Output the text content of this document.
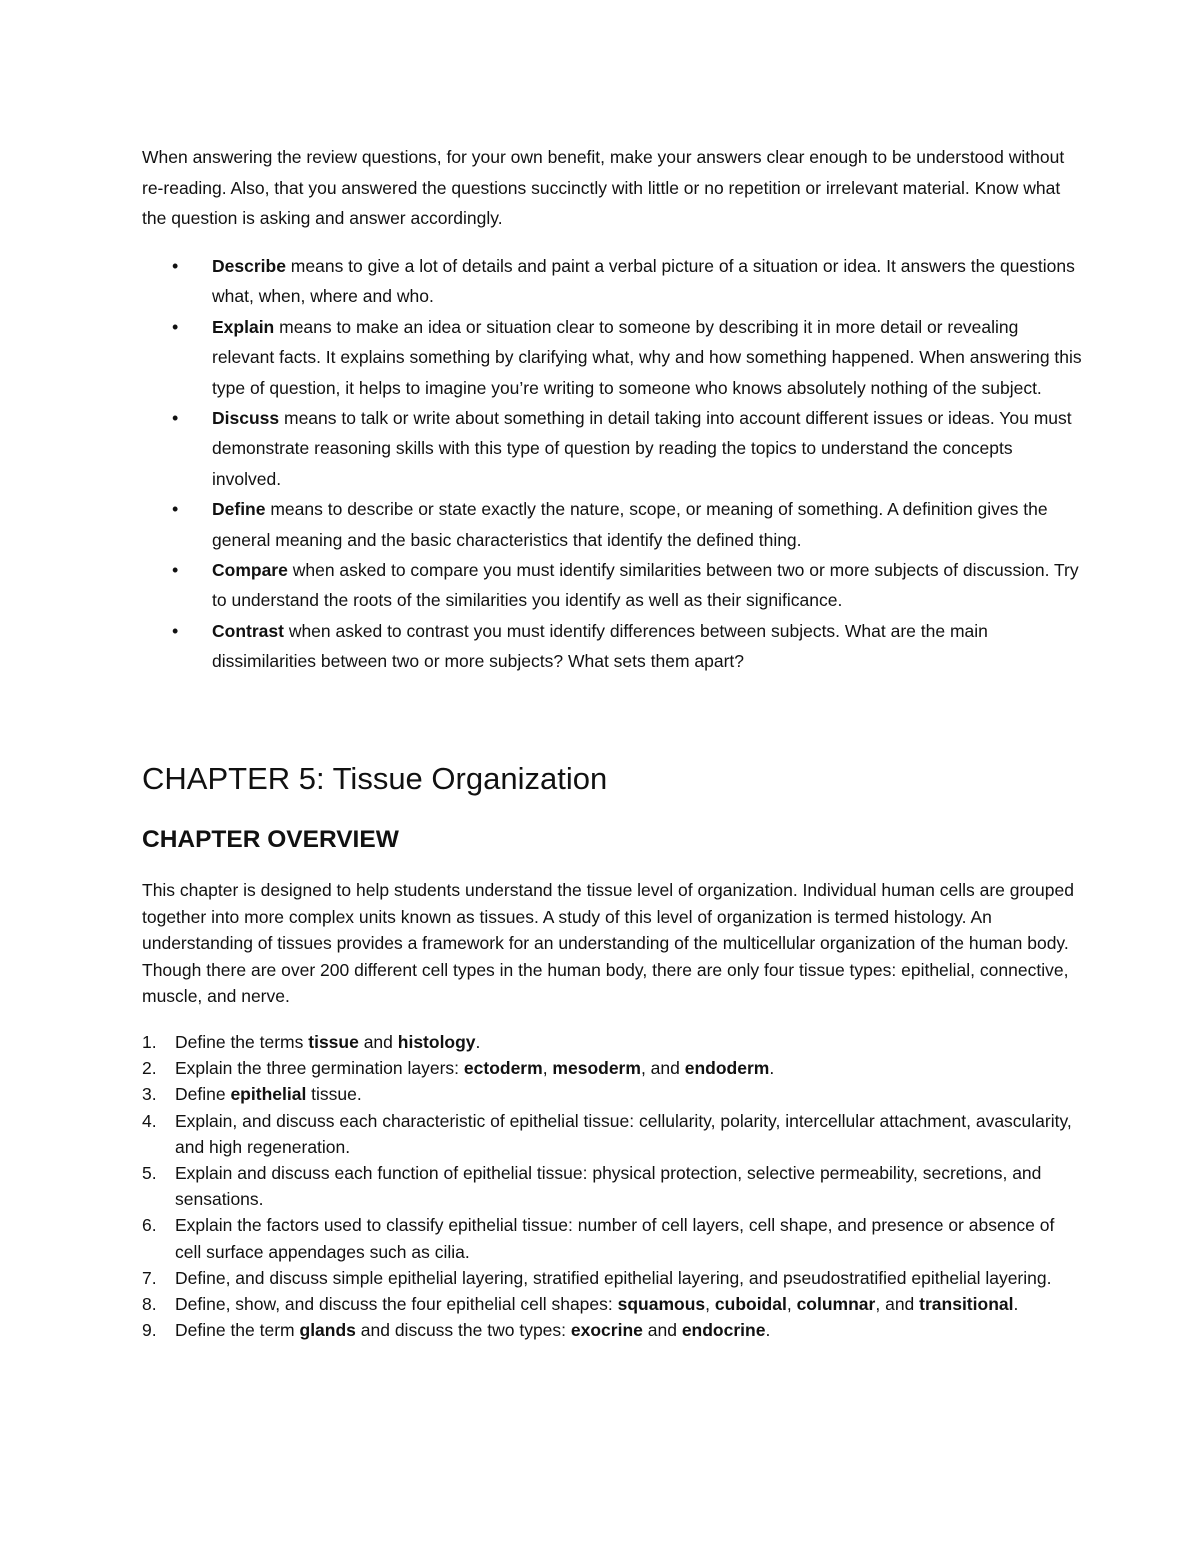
When answering the review questions, for your own benefit, make your answers clear enough to be understood without re-reading. Also, that you answered the questions succinctly with little or no repetition or irrelevant material. Know what the question is asking and answer accordingly.

• Describe means to give a lot of details and paint a verbal picture of a situation or idea. It answers the questions what, when, where and who.
• Explain means to make an idea or situation clear to someone by describing it in more detail or revealing relevant facts. It explains something by clarifying what, why and how something happened. When answering this type of question, it helps to imagine you’re writing to someone who knows absolutely nothing of the subject.
• Discuss means to talk or write about something in detail taking into account different issues or ideas. You must demonstrate reasoning skills with this type of question by reading the topics to understand the concepts involved.
• Define means to describe or state exactly the nature, scope, or meaning of something. A definition gives the general meaning and the basic characteristics that identify the defined thing.
• Compare when asked to compare you must identify similarities between two or more subjects of discussion. Try to understand the roots of the similarities you identify as well as their significance.
• Contrast when asked to contrast you must identify differences between subjects. What are the main dissimilarities between two or more subjects? What sets them apart?
CHAPTER 5: Tissue Organization
CHAPTER OVERVIEW

This chapter is designed to help students understand the tissue level of organization. Individual human cells are grouped together into more complex units known as tissues. A study of this level of organization is termed histology. An understanding of tissues provides a framework for an understanding of the multicellular organization of the human body. Though there are over 200 different cell types in the human body, there are only four tissue types: epithelial, connective, muscle, and nerve.

1. Define the terms tissue and histology.
2. Explain the three germination layers: ectoderm, mesoderm, and endoderm.
3. Define epithelial tissue.
4. Explain, and discuss each characteristic of epithelial tissue: cellularity, polarity, intercellular attachment, avascularity, and high regeneration.
5. Explain and discuss each function of epithelial tissue: physical protection, selective permeability, secretions, and sensations.
6. Explain the factors used to classify epithelial tissue: number of cell layers, cell shape, and presence or absence of cell surface appendages such as cilia.
7. Define, and discuss simple epithelial layering, stratified epithelial layering, and pseudostratified epithelial layering.
8. Define, show, and discuss the four epithelial cell shapes: squamous, cuboidal, columnar, and transitional.
9. Define the term glands and discuss the two types: exocrine and endocrine.
